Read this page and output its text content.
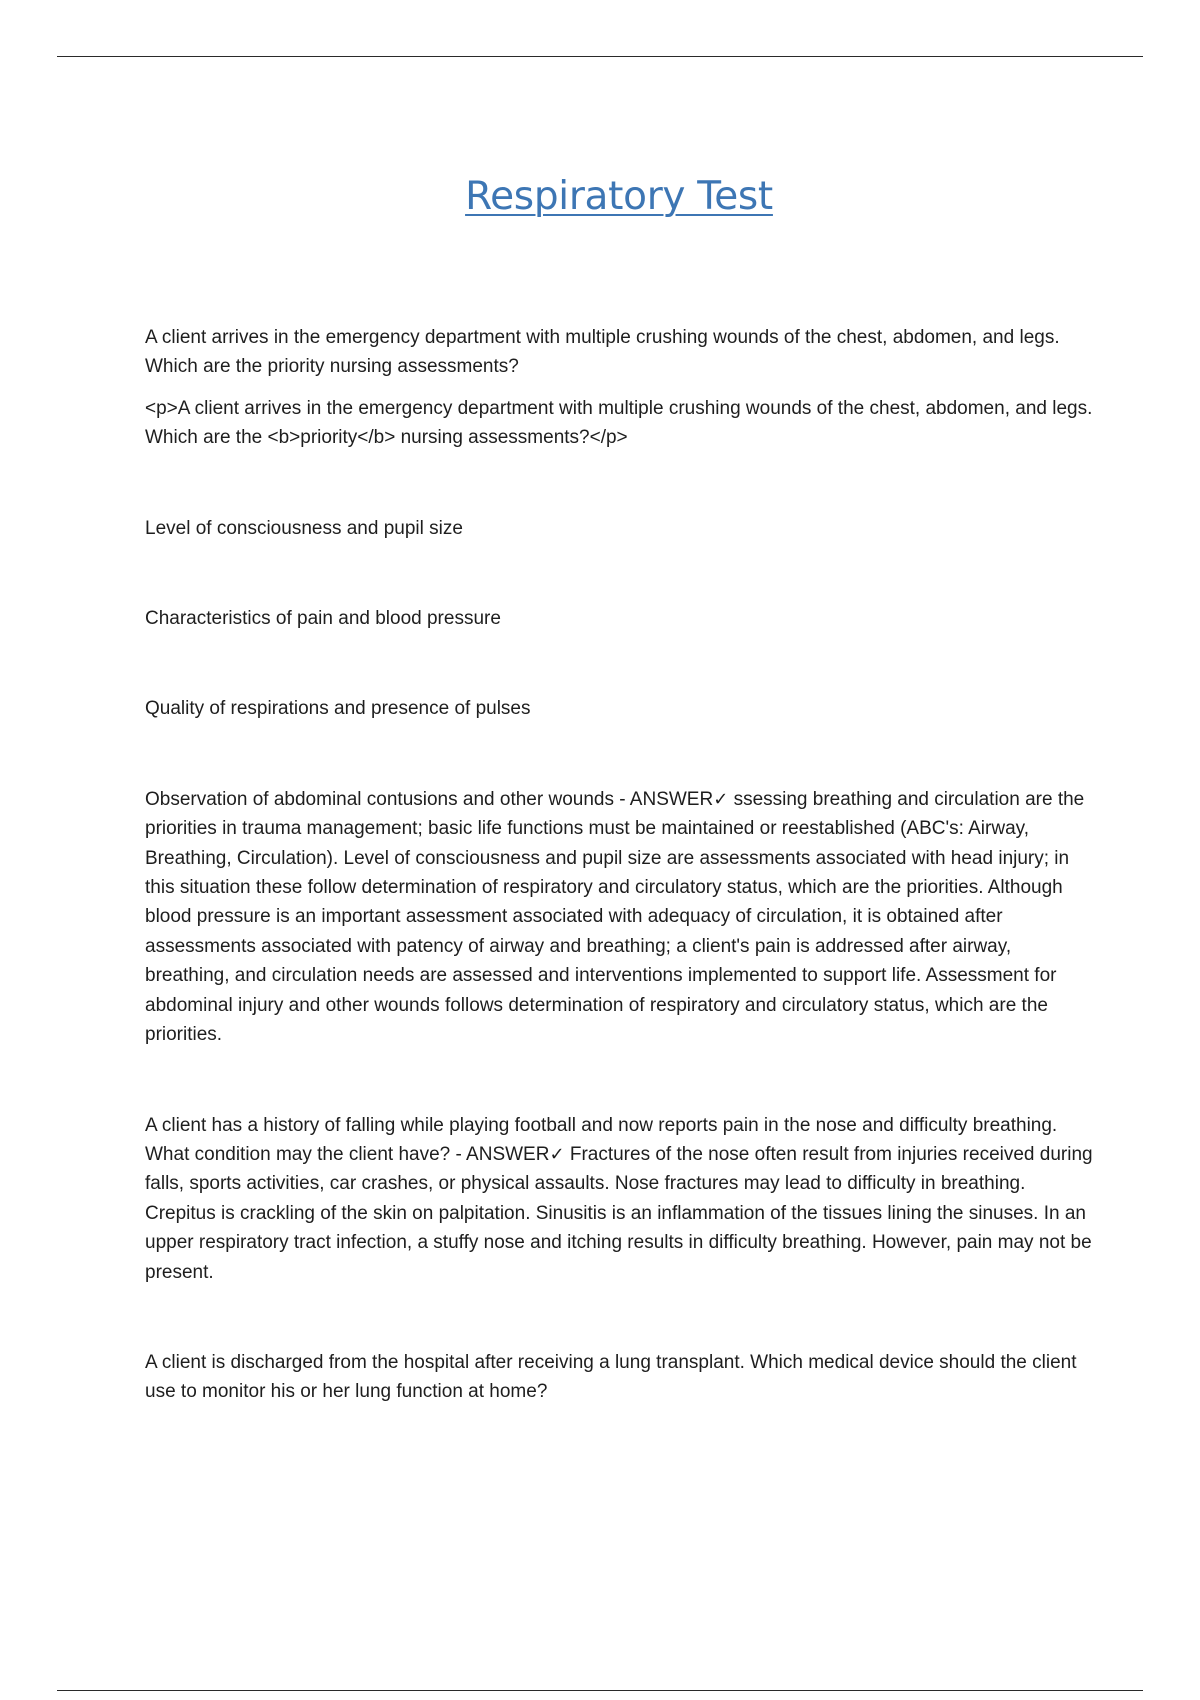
Respiratory Test

A client arrives in the emergency department with multiple crushing wounds of the chest, abdomen, and legs. Which are the priority nursing assessments?

<p>A client arrives in the emergency department with multiple crushing wounds of the chest, abdomen, and legs. Which are the <b>priority</b> nursing assessments?</p>

Level of consciousness and pupil size

Characteristics of pain and blood pressure

Quality of respirations and presence of pulses

Observation of abdominal contusions and other wounds - ANSWER✓ ssessing breathing and circulation are the priorities in trauma management; basic life functions must be maintained or reestablished (ABC's: Airway, Breathing, Circulation). Level of consciousness and pupil size are assessments associated with head injury; in this situation these follow determination of respiratory and circulatory status, which are the priorities. Although blood pressure is an important assessment associated with adequacy of circulation, it is obtained after assessments associated with patency of airway and breathing; a client's pain is addressed after airway, breathing, and circulation needs are assessed and interventions implemented to support life. Assessment for abdominal injury and other wounds follows determination of respiratory and circulatory status, which are the priorities.

A client has a history of falling while playing football and now reports pain in the nose and difficulty breathing. What condition may the client have? - ANSWER✓ Fractures of the nose often result from injuries received during falls, sports activities, car crashes, or physical assaults. Nose fractures may lead to difficulty in breathing. Crepitus is crackling of the skin on palpitation. Sinusitis is an inflammation of the tissues lining the sinuses. In an upper respiratory tract infection, a stuffy nose and itching results in difficulty breathing. However, pain may not be present.

A client is discharged from the hospital after receiving a lung transplant. Which medical device should the client use to monitor his or her lung function at home?
